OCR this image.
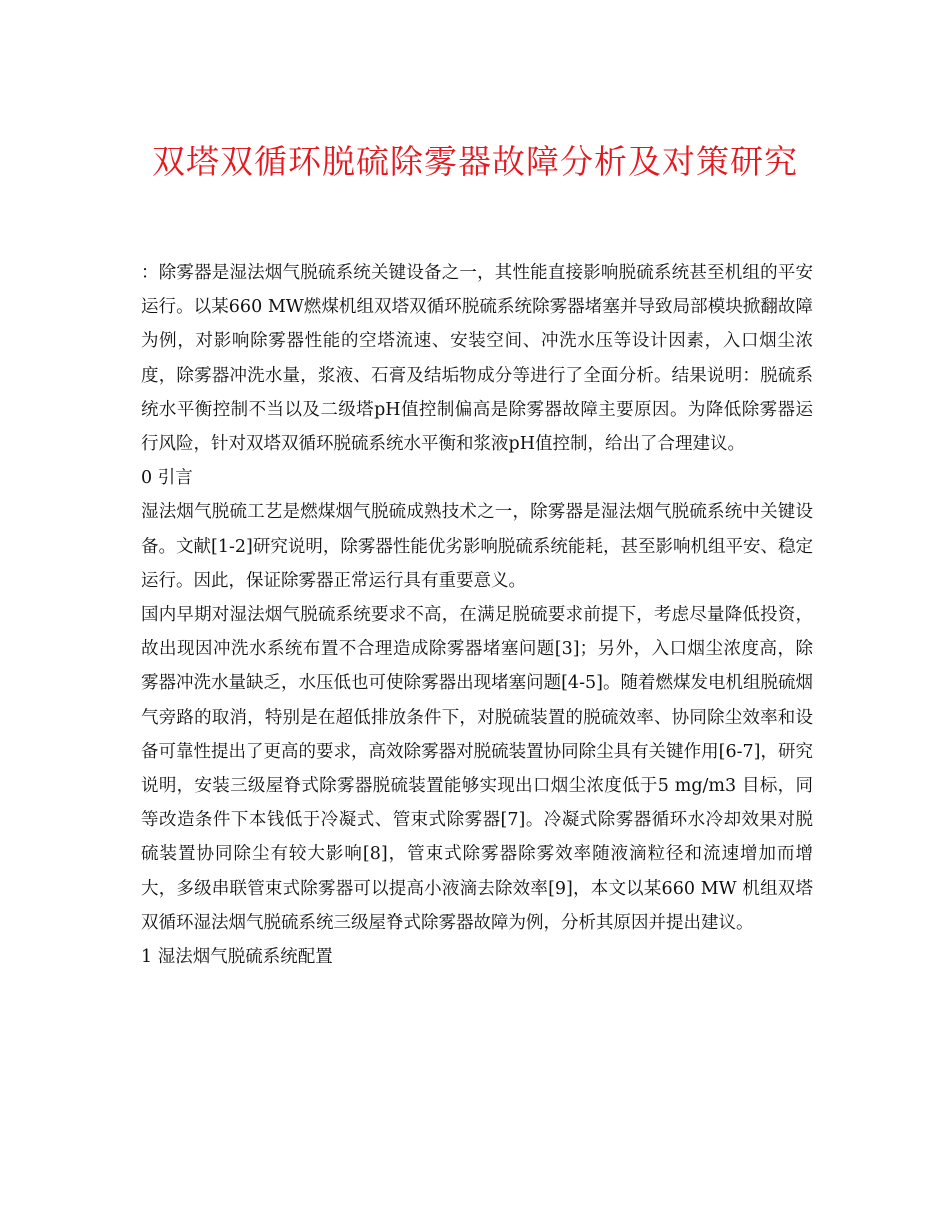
双塔双循环脱硫除雾器故障分析及对策研究

：除雾器是湿法烟气脱硫系统关键设备之一，其性能直接影响脱硫系统甚至机组的平安运行。以某660 MW燃煤机组双塔双循环脱硫系统除雾器堵塞并导致局部模块掀翻故障为例，对影响除雾器性能的空塔流速、安装空间、冲洗水压等设计因素，入口烟尘浓度，除雾器冲洗水量，浆液、石膏及结垢物成分等进行了全面分析。结果说明：脱硫系统水平衡控制不当以及二级塔pH值控制偏高是除雾器故障主要原因。为降低除雾器运行风险，针对双塔双循环脱硫系统水平衡和浆液pH值控制，给出了合理建议。

0 引言

湿法烟气脱硫工艺是燃煤烟气脱硫成熟技术之一，除雾器是湿法烟气脱硫系统中关键设备。文献[1-2]研究说明，除雾器性能优劣影响脱硫系统能耗，甚至影响机组平安、稳定运行。因此，保证除雾器正常运行具有重要意义。

国内早期对湿法烟气脱硫系统要求不高，在满足脱硫要求前提下，考虑尽量降低投资，故出现因冲洗水系统布置不合理造成除雾器堵塞问题[3]；另外，入口烟尘浓度高，除雾器冲洗水量缺乏，水压低也可使除雾器出现堵塞问题[4-5]。随着燃煤发电机组脱硫烟气旁路的取消，特别是在超低排放条件下，对脱硫装置的脱硫效率、协同除尘效率和设备可靠性提出了更高的要求，高效除雾器对脱硫装置协同除尘具有关键作用[6-7]，研究说明，安装三级屋脊式除雾器脱硫装置能够实现出口烟尘浓度低于5 mg/m3 目标，同等改造条件下本钱低于冷凝式、管束式除雾器[7]。冷凝式除雾器循环水冷却效果对脱硫装置协同除尘有较大影响[8]，管束式除雾器除雾效率随液滴粒径和流速增加而增大，多级串联管束式除雾器可以提高小液滴去除效率[9]，本文以某660 MW 机组双塔双循环湿法烟气脱硫系统三级屋脊式除雾器故障为例，分析其原因并提出建议。

1 湿法烟气脱硫系统配置
